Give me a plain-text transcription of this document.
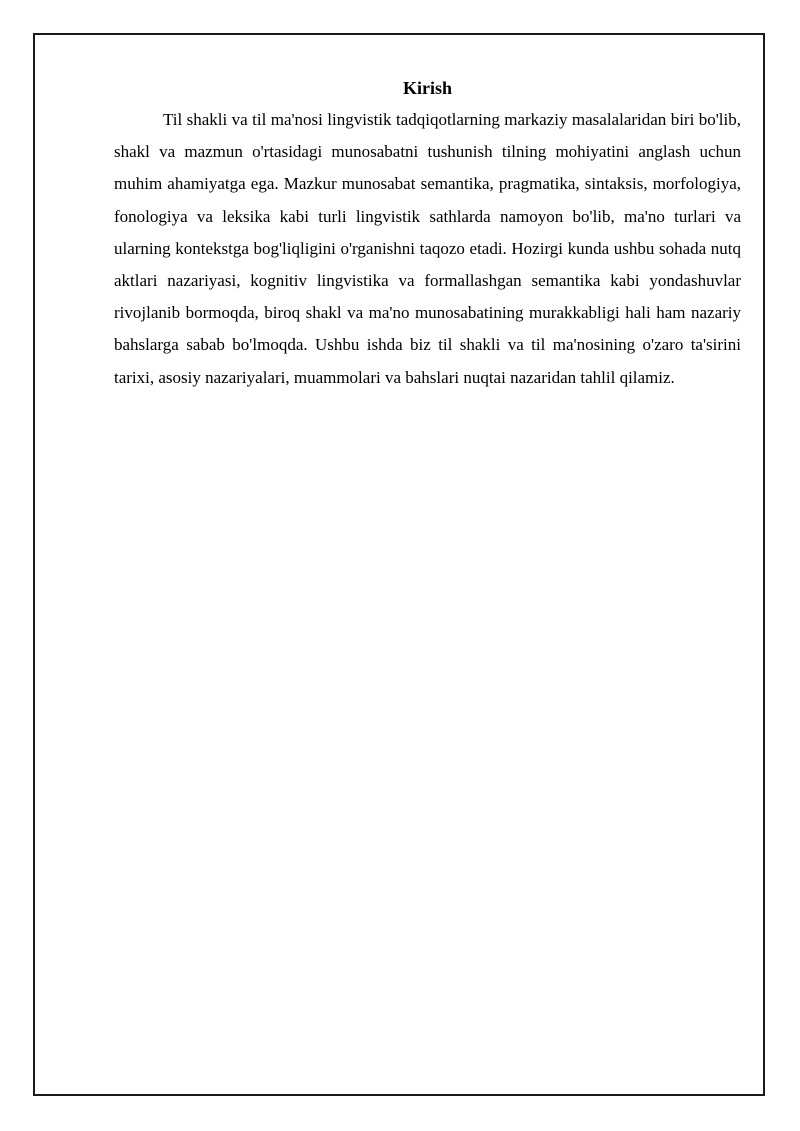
Kirish

Til shakli va til ma'nosi lingvistik tadqiqotlarning markaziy masalalaridan biri bo'lib, shakl va mazmun o'rtasidagi munosabatni tushunish tilning mohiyatini anglash uchun muhim ahamiyatga ega. Mazkur munosabat semantika, pragmatika, sintaksis, morfologiya, fonologiya va leksika kabi turli lingvistik sathlarda namoyon bo'lib, ma'no turlari va ularning kontekstga bog'liqligini o'rganishni taqozo etadi. Hozirgi kunda ushbu sohada nutq aktlari nazariyasi, kognitiv lingvistika va formallashgan semantika kabi yondashuvlar rivojlanib bormoqda, biroq shakl va ma'no munosabatining murakkabligi hali ham nazariy bahslarga sabab bo'lmoqda. Ushbu ishda biz til shakli va til ma'nosining o'zaro ta'sirini tarixi, asosiy nazariyalari, muammolari va bahslari nuqtai nazaridan tahlil qilamiz.
